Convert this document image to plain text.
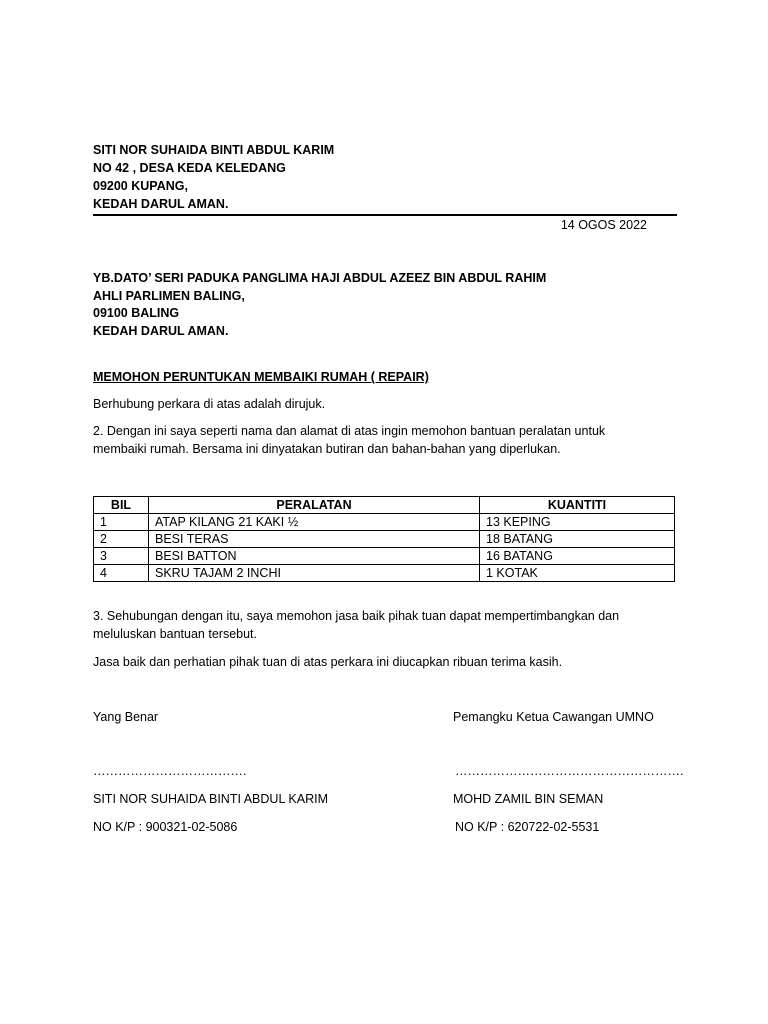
SITI NOR SUHAIDA BINTI ABDUL KARIM
NO 42 , DESA KEDA KELEDANG
09200 KUPANG,
KEDAH DARUL AMAN.
14 OGOS 2022
YB.DATO’ SERI PADUKA PANGLIMA HAJI ABDUL AZEEZ BIN ABDUL RAHIM
AHLI PARLIMEN BALING,
09100 BALING
KEDAH DARUL AMAN.
MEMOHON PERUNTUKAN MEMBAIKI RUMAH ( REPAIR)
Berhubung perkara di atas adalah dirujuk.
2. Dengan ini saya seperti nama dan alamat di atas ingin memohon bantuan peralatan untuk
membaiki rumah. Bersama ini dinyatakan butiran dan bahan-bahan yang diperlukan.
BIL	PERALATAN	KUANTITI
1	ATAP KILANG 21 KAKI ½	13 KEPING
2	BESI TERAS	18 BATANG
3	BESI BATTON	16 BATANG
4	SKRU TAJAM 2 INCHI	1 KOTAK
3. Sehubungan dengan itu, saya memohon jasa baik pihak tuan dapat mempertimbangkan dan
meluluskan bantuan tersebut.
Jasa baik dan perhatian pihak tuan di atas perkara ini diucapkan ribuan terima kasih.
Yang Benar	Pemangku Ketua Cawangan UMNO
……………………………….	……………………………………………….
SITI NOR SUHAIDA BINTI ABDUL KARIM	MOHD ZAMIL BIN SEMAN
NO K/P : 900321-02-5086	NO K/P : 620722-02-5531
